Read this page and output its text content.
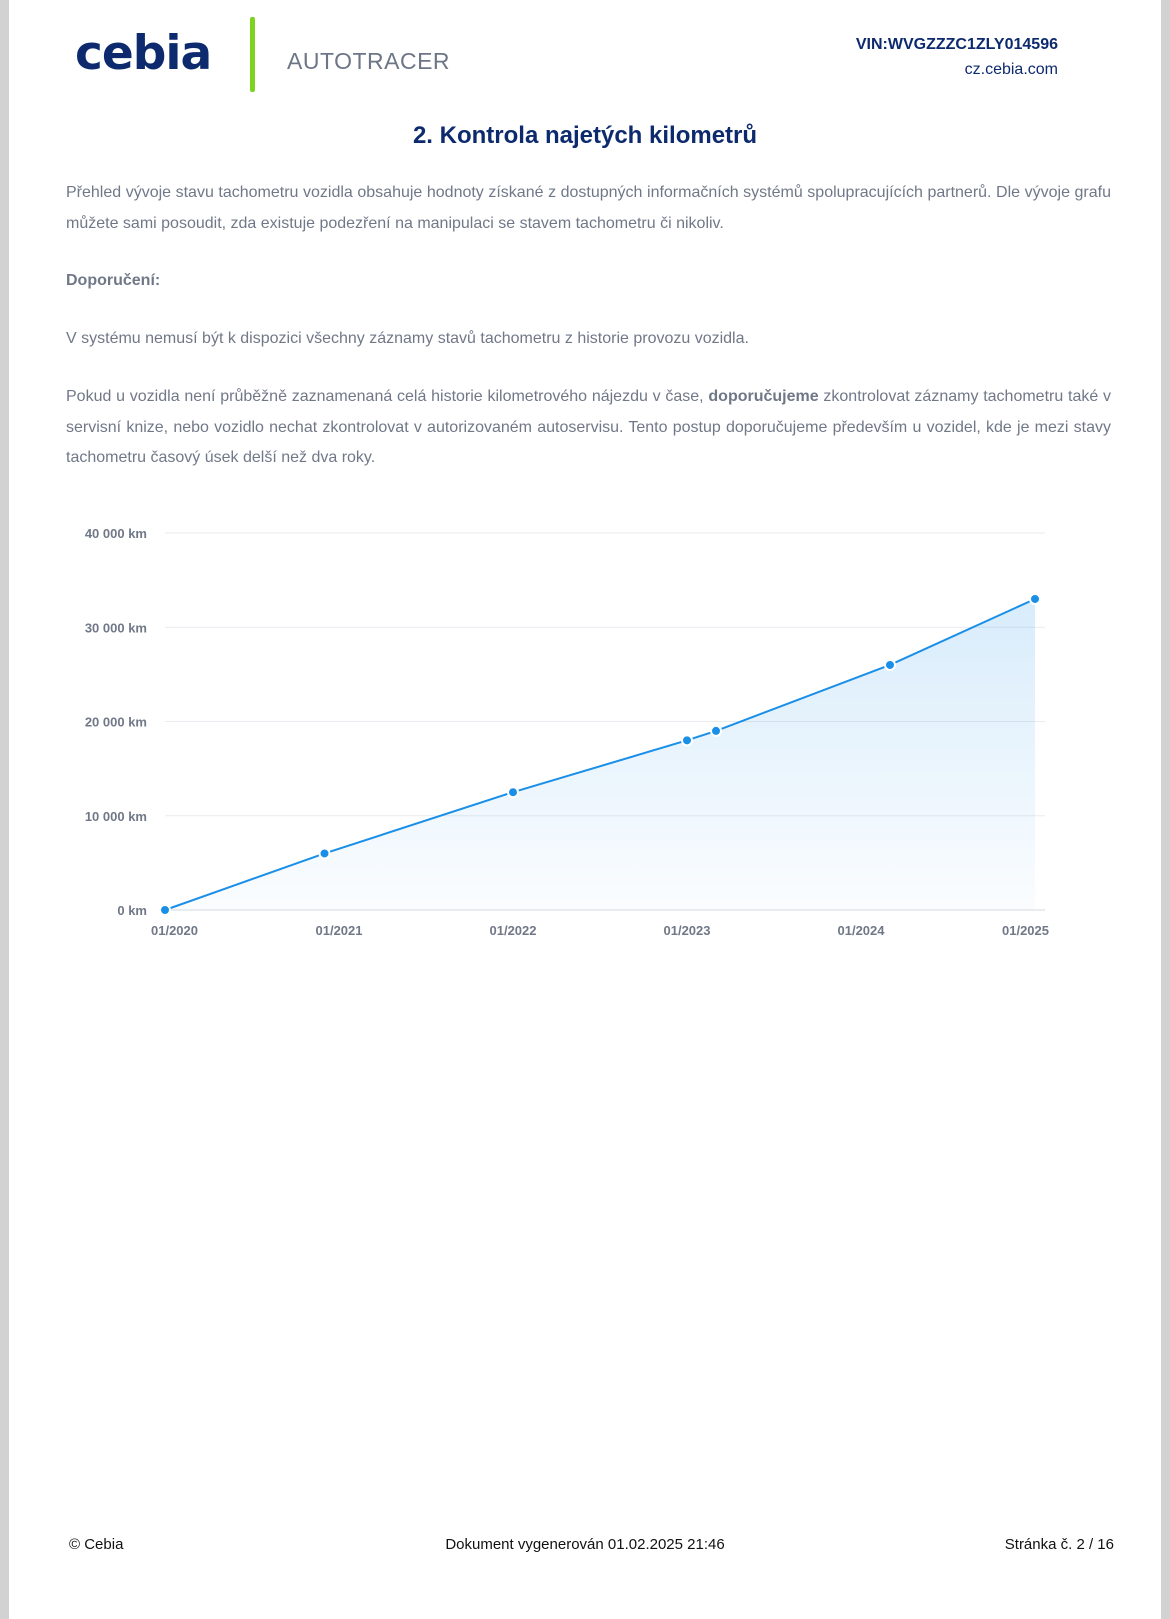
cebia	AUTOTRACER
VIN:WVGZZZC1ZLY014596
cz.cebia.com
2. Kontrola najetých kilometrů

Přehled vývoje stavu tachometru vozidla obsahuje hodnoty získané z dostupných informačních systémů spolupracujících partnerů. Dle vývoje grafu můžete sami posoudit, zda existuje podezření na manipulaci se stavem tachometru či nikoliv.

Doporučení:

V systému nemusí být k dispozici všechny záznamy stavů tachometru z historie provozu vozidla.

Pokud u vozidla není průběžně zaznamenaná celá historie kilometrového nájezdu v čase, doporučujeme zkontrolovat záznamy tachometru také v servisní knize, nebo vozidlo nechat zkontrolovat v autorizovaném autoservisu. Tento postup doporučujeme především u vozidel, kde je mezi stavy tachometru časový úsek delší než dva roky.

0 km
10 000 km
20 000 km
30 000 km
40 000 km
01/2020	01/2021	01/2022	01/2023	01/2024	01/2025
© Cebia	Dokument vygenerován 01.02.2025 21:46	Stránka č. 2 / 16
